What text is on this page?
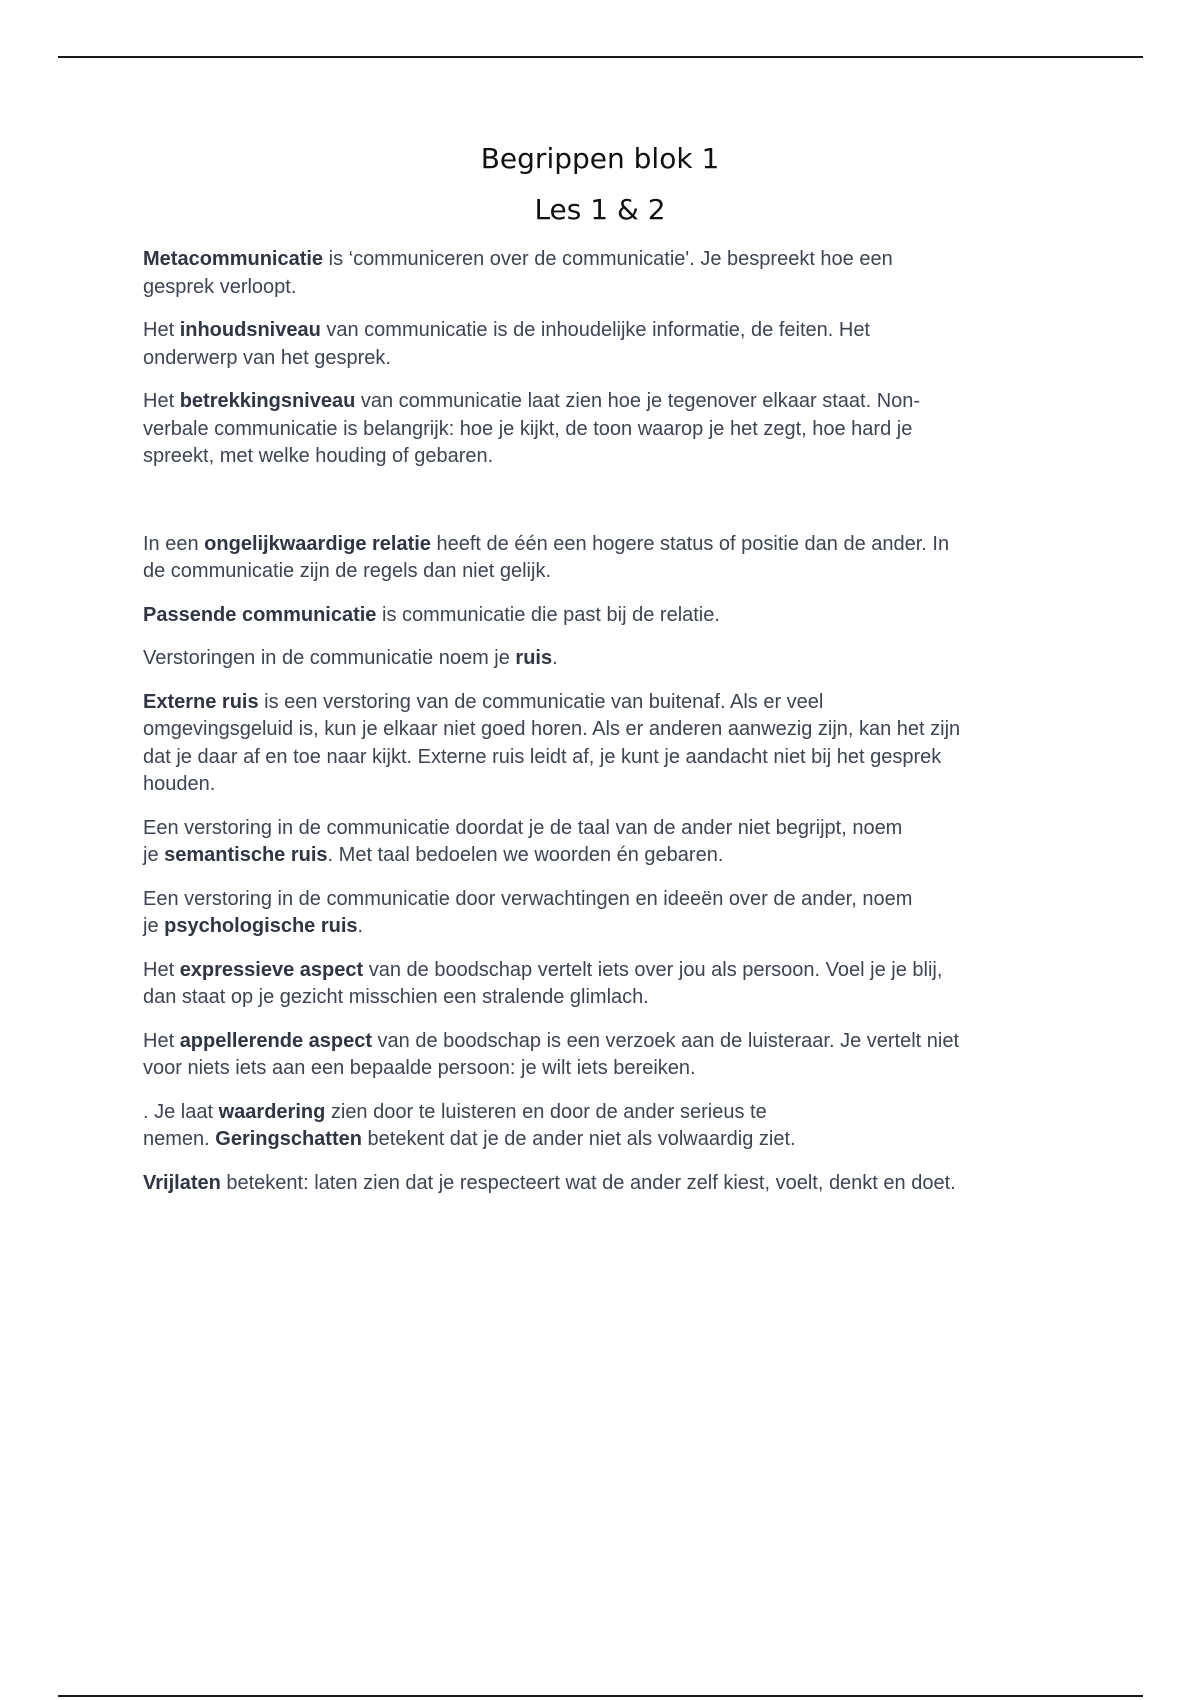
Begrippen blok 1
Les 1 & 2

Metacommunicatie is ‘communiceren over de communicatie'. Je bespreekt hoe een
gesprek verloopt.

Het inhoudsniveau van communicatie is de inhoudelijke informatie, de feiten. Het
onderwerp van het gesprek.

Het betrekkingsniveau van communicatie laat zien hoe je tegenover elkaar staat. Non-
verbale communicatie is belangrijk: hoe je kijkt, de toon waarop je het zegt, hoe hard je
spreekt, met welke houding of gebaren.

In een ongelijkwaardige relatie heeft de één een hogere status of positie dan de ander. In
de communicatie zijn de regels dan niet gelijk.

Passende communicatie is communicatie die past bij de relatie.

Verstoringen in de communicatie noem je ruis.

Externe ruis is een verstoring van de communicatie van buitenaf. Als er veel
omgevingsgeluid is, kun je elkaar niet goed horen. Als er anderen aanwezig zijn, kan het zijn
dat je daar af en toe naar kijkt. Externe ruis leidt af, je kunt je aandacht niet bij het gesprek
houden.

Een verstoring in de communicatie doordat je de taal van de ander niet begrijpt, noem
je semantische ruis. Met taal bedoelen we woorden én gebaren.

Een verstoring in de communicatie door verwachtingen en ideeën over de ander, noem
je psychologische ruis.

Het expressieve aspect van de boodschap vertelt iets over jou als persoon. Voel je je blij,
dan staat op je gezicht misschien een stralende glimlach.

Het appellerende aspect van de boodschap is een verzoek aan de luisteraar. Je vertelt niet
voor niets iets aan een bepaalde persoon: je wilt iets bereiken.

. Je laat waardering zien door te luisteren en door de ander serieus te
nemen. Geringschatten betekent dat je de ander niet als volwaardig ziet.

Vrijlaten betekent: laten zien dat je respecteert wat de ander zelf kiest, voelt, denkt en doet.
